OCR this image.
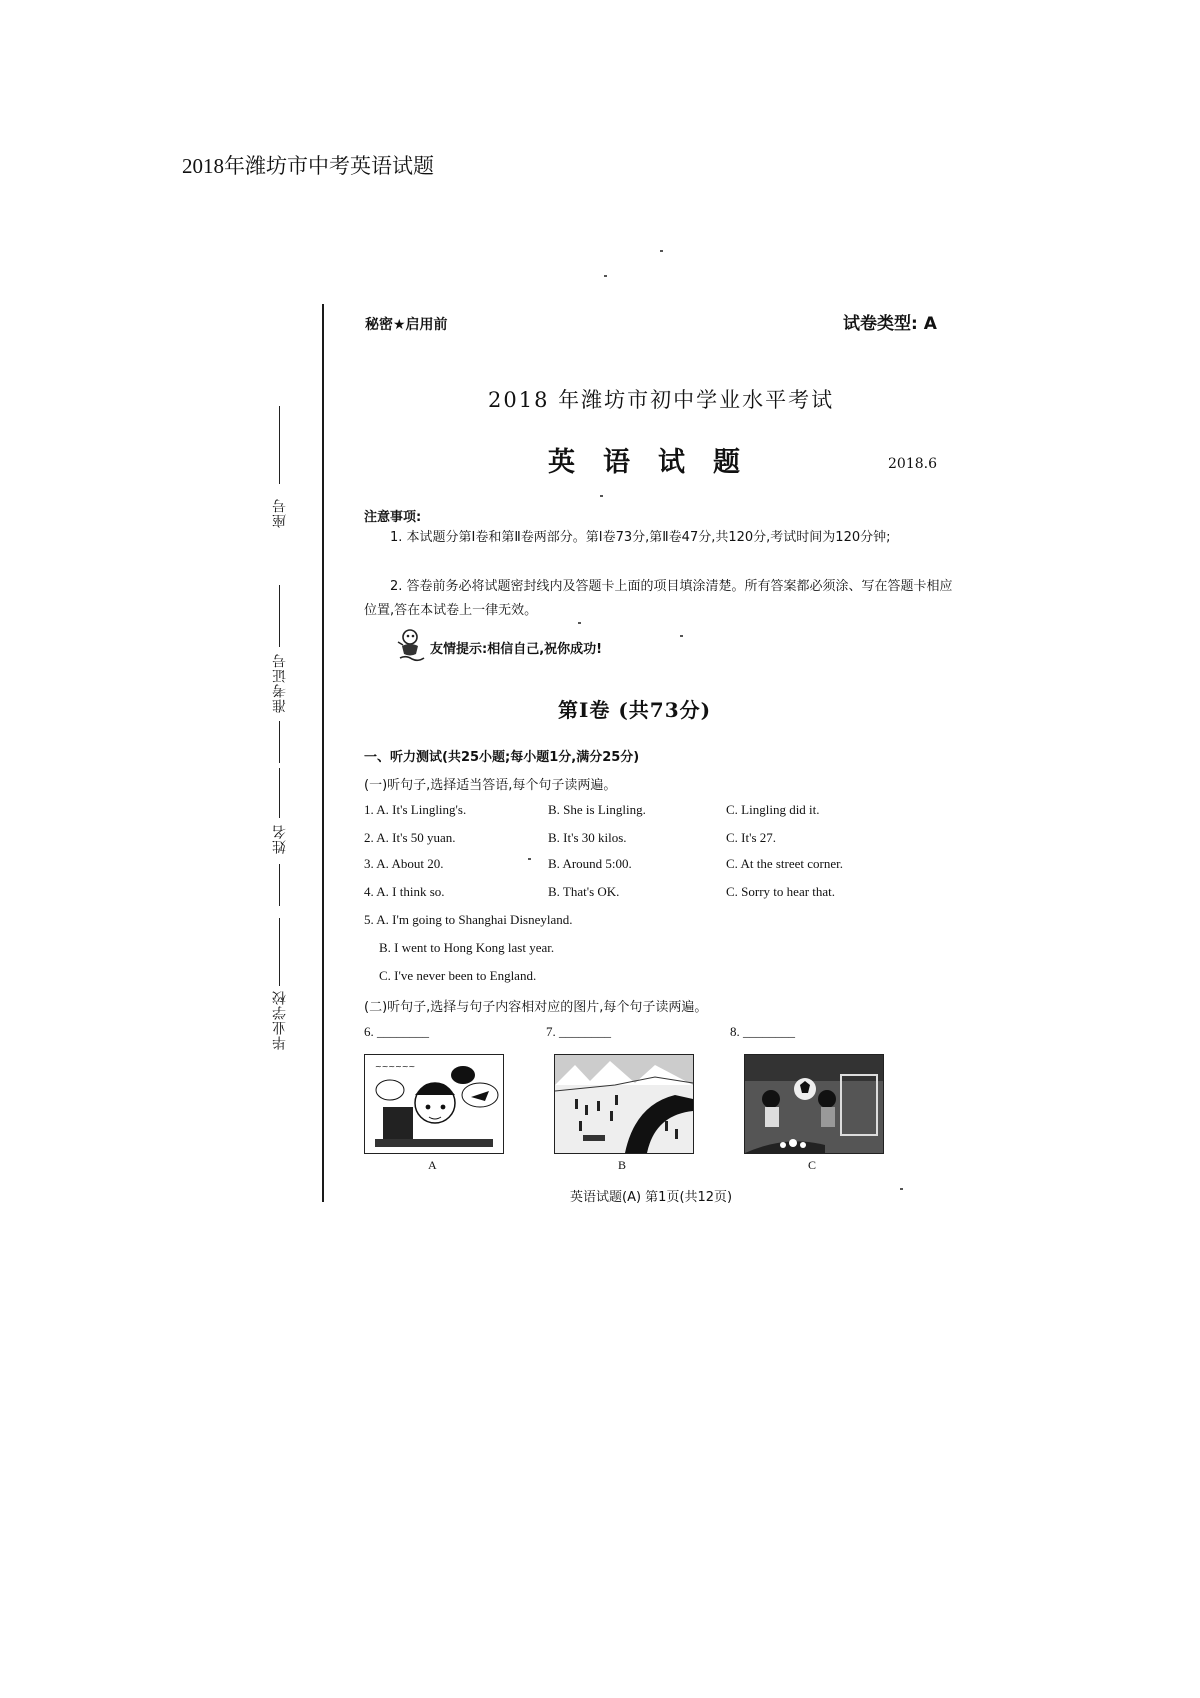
2018年潍坊市中考英语试题
座号
准考证号
姓名
毕业学校
秘密★启用前	试卷类型: A
2018 年潍坊市初中学业水平考试
英语试题	2018.6
注意事项:
1. 本试题分第Ⅰ卷和第Ⅱ卷两部分。第Ⅰ卷73分,第Ⅱ卷47分,共120分,考试时间为120分钟;
2. 答卷前务必将试题密封线内及答题卡上面的项目填涂清楚。所有答案都必须涂、写在答题卡相应位置,答在本试卷上一律无效。
友情提示:相信自己,祝你成功!
第Ⅰ卷 (共73分)
一、听力测试(共25小题;每小题1分,满分25分)
(一)听句子,选择适当答语,每个句子读两遍。
1. A. It's Lingling's.	B. She is Lingling.	C. Lingling did it.
2. A. It's 50 yuan.	B. It's 30 kilos.	C. It's 27.
3. A. About 20.	B. Around 5:00.	C. At the street corner.
4. A. I think so.	B. That's OK.	C. Sorry to hear that.
5. A. I'm going to Shanghai Disneyland.
B. I went to Hong Kong last year.
C. I've never been to England.
(二)听句子,选择与句子内容相对应的图片,每个句子读两遍。
6. ________	7. ________	8. ________
~~~~~~
A	B	C
英语试题(A) 第1页(共12页)
